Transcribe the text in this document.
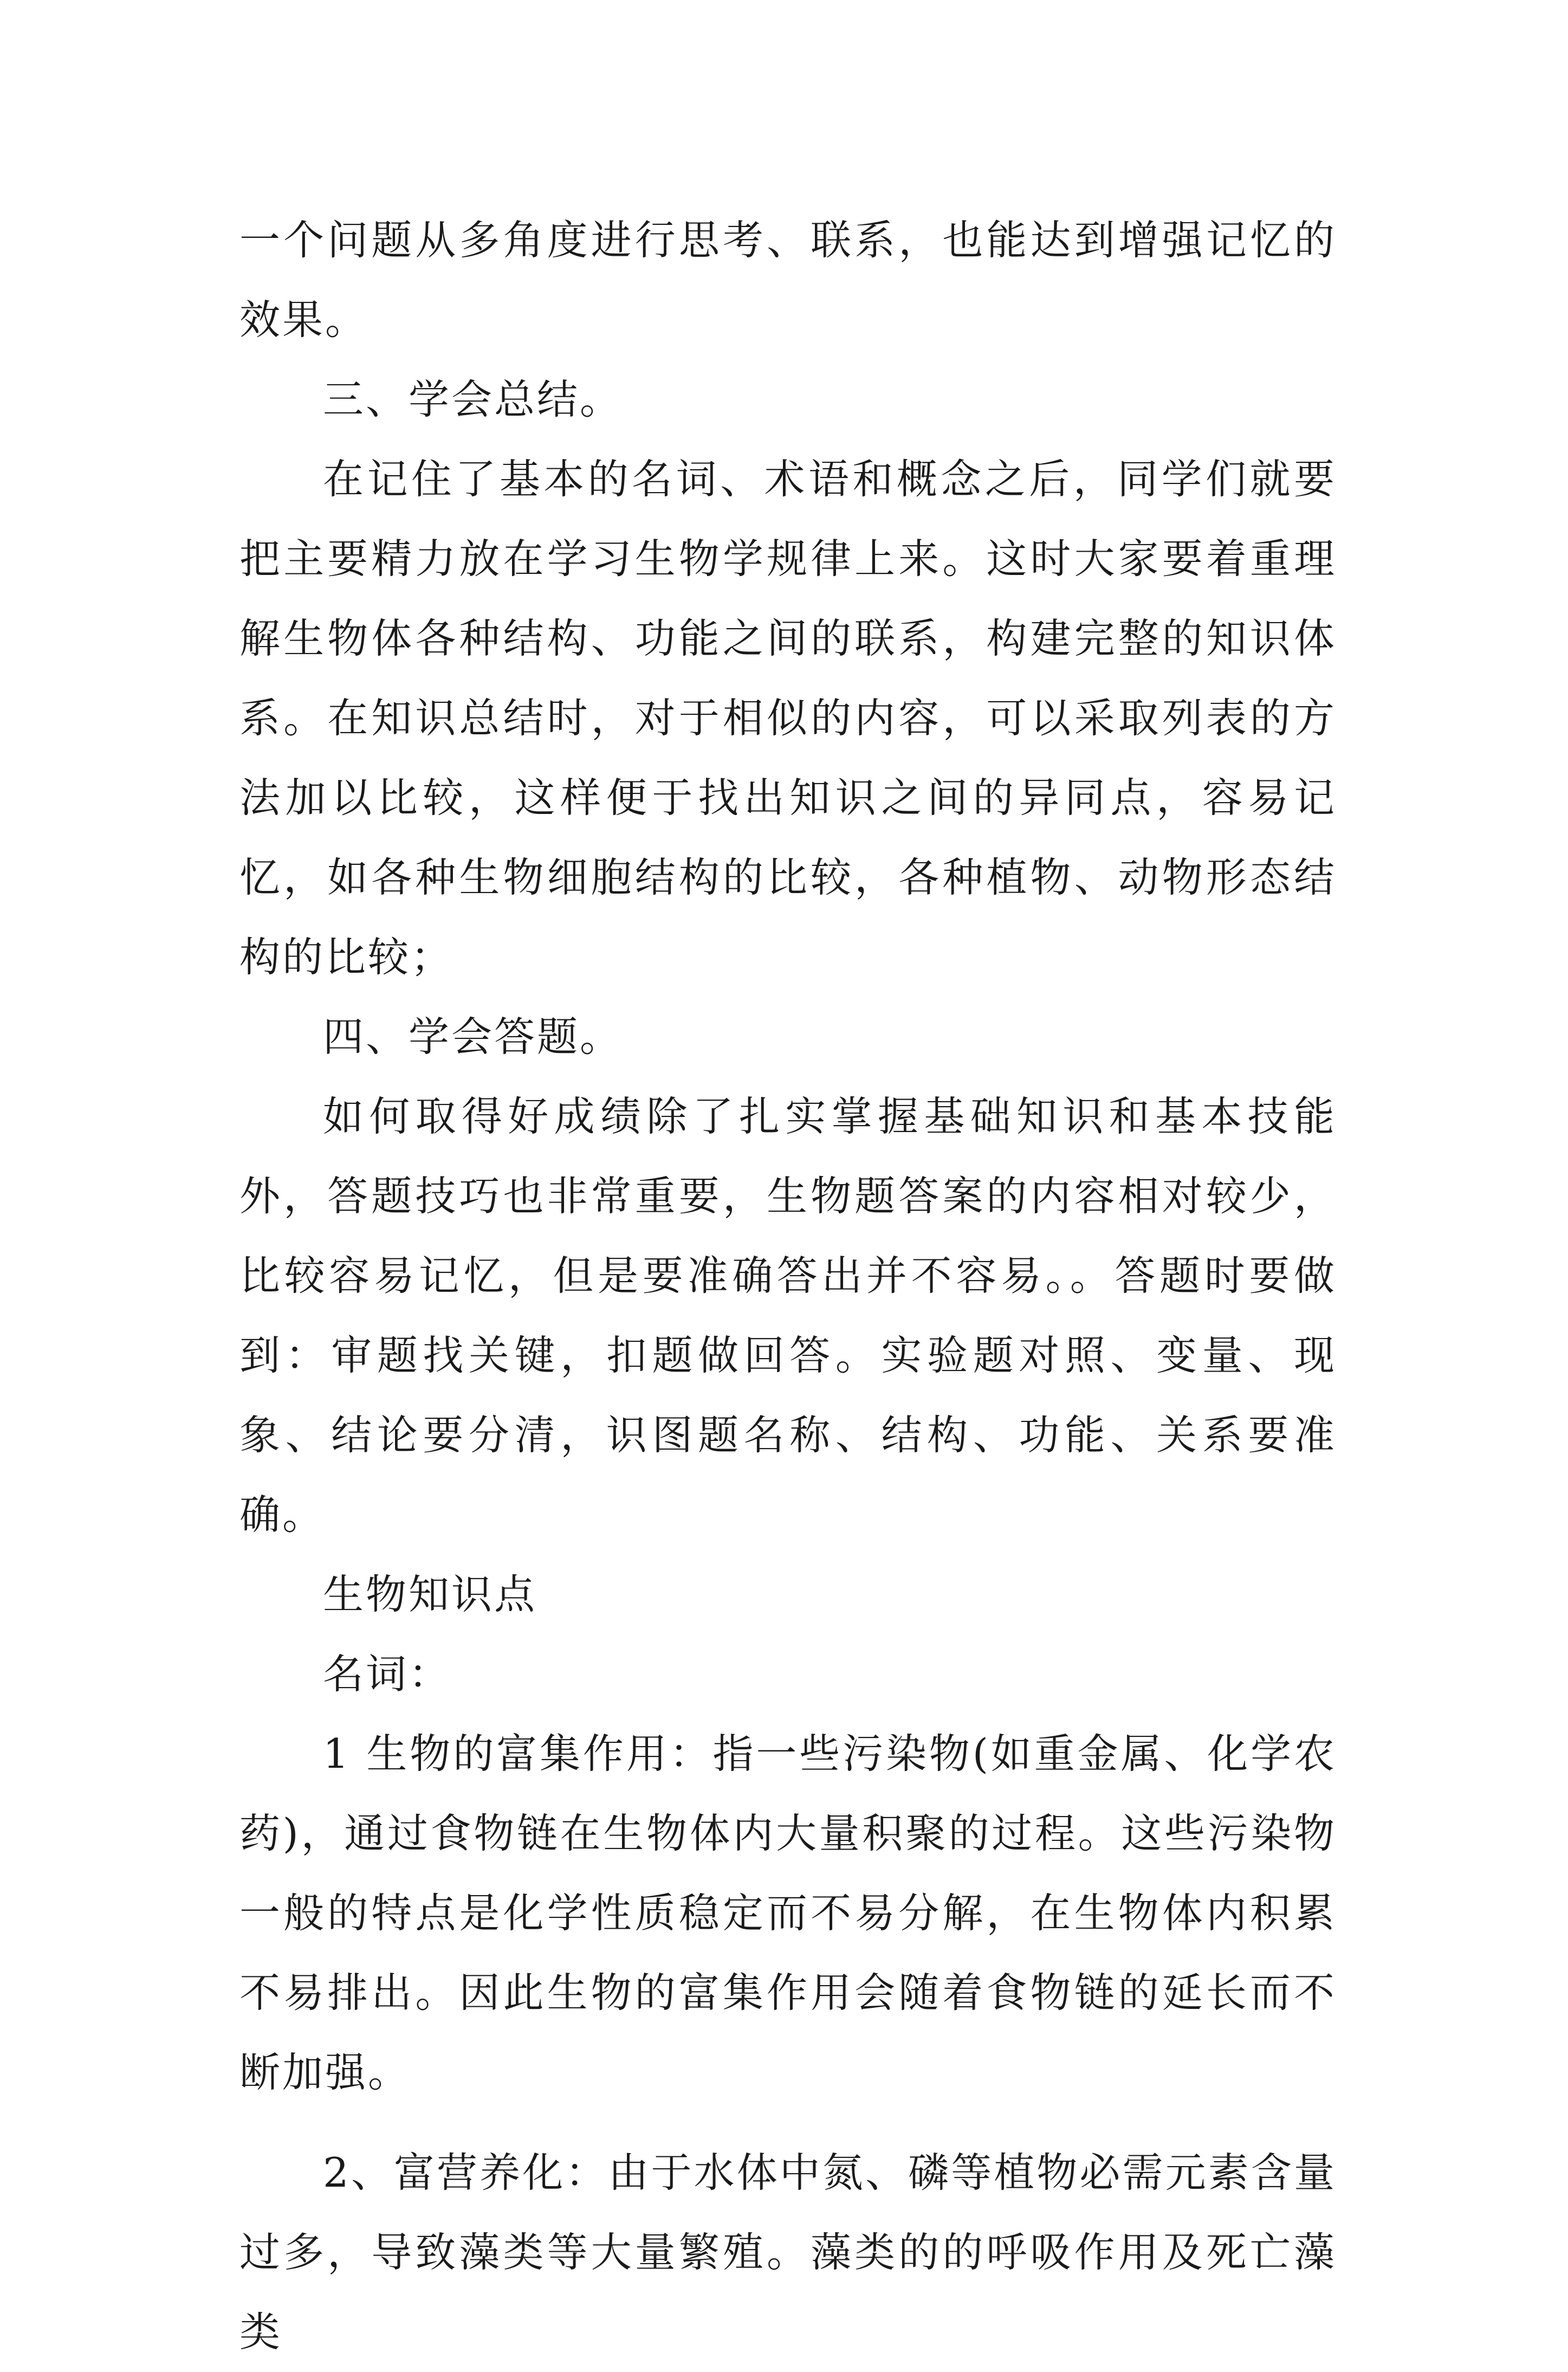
一个问题从多角度进行思考、联系，也能达到增强记忆的效果。

三、学会总结。

在记住了基本的名词、术语和概念之后，同学们就要把主要精力放在学习生物学规律上来。这时大家要着重理解生物体各种结构、功能之间的联系，构建完整的知识体系。在知识总结时，对于相似的内容，可以采取列表的方法加以比较，这样便于找出知识之间的异同点，容易记忆，如各种生物细胞结构的比较，各种植物、动物形态结构的比较；

四、学会答题。

如何取得好成绩除了扎实掌握基础知识和基本技能外，答题技巧也非常重要，生物题答案的内容相对较少，比较容易记忆，但是要准确答出并不容易。。答题时要做到：审题找关键，扣题做回答。实验题对照、变量、现象、结论要分清，识图题名称、结构、功能、关系要准确。

生物知识点

名词：

1 生物的富集作用：指一些污染物(如重金属、化学农药)，通过食物链在生物体内大量积聚的过程。这些污染物一般的特点是化学性质稳定而不易分解，在生物体内积累不易排出。因此生物的富集作用会随着食物链的延长而不断加强。

2、富营养化：由于水体中氮、磷等植物必需元素含量过多，导致藻类等大量繁殖。藻类的的呼吸作用及死亡藻类
